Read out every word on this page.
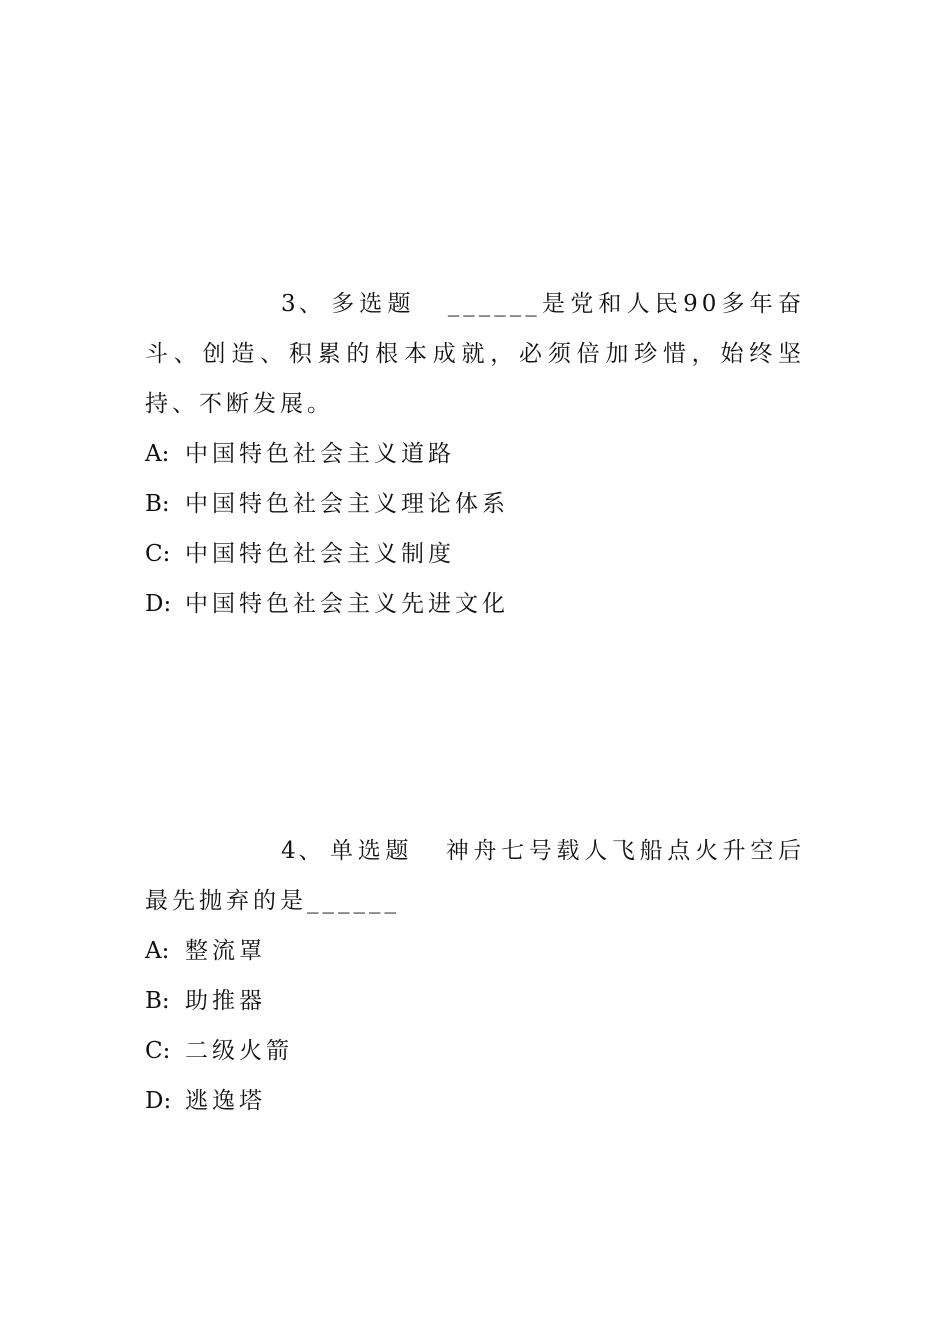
3、 多选题 ______是党和人民90多年奋斗、创造、积累的根本成就，必须倍加珍惜，始终坚持、不断发展。

A: 中国特色社会主义道路
B: 中国特色社会主义理论体系
C: 中国特色社会主义制度
D: 中国特色社会主义先进文化

4、 单选题 神舟七号载人飞船点火升空后最先抛弃的是______

A: 整流罩
B: 助推器
C: 二级火箭
D: 逃逸塔
